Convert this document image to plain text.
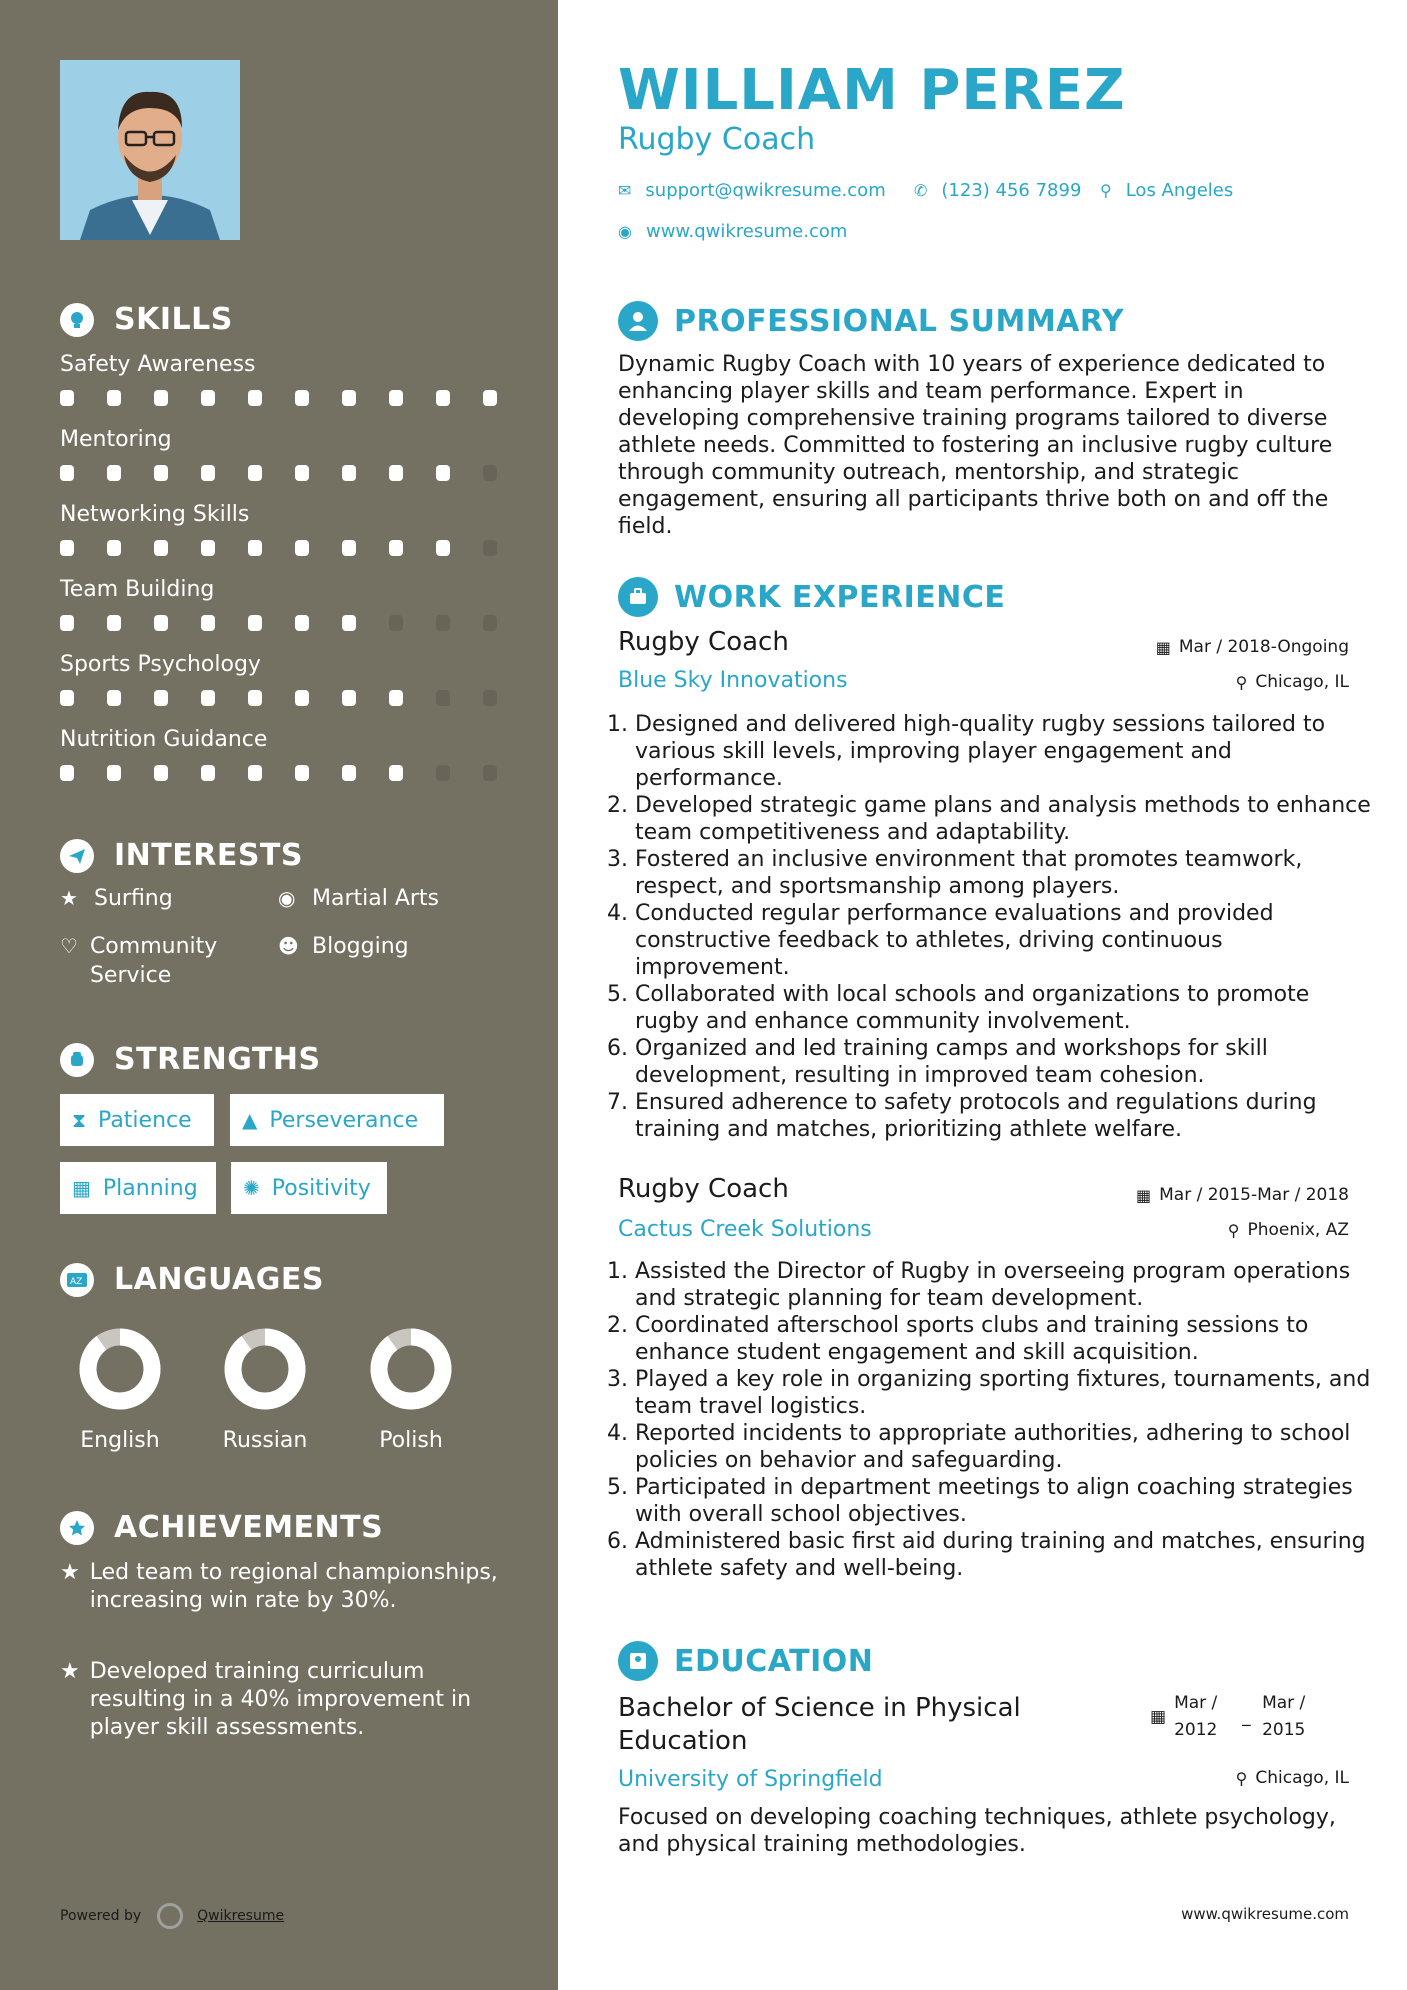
SKILLS
Safety Awareness
Mentoring
Networking Skills
Team Building
Sports Psychology
Nutrition Guidance
INTERESTS
★ Surfing	◉ Martial Arts
♡ Community Service
☻ Blogging
STRENGTHS
⧗ Patience	▲ Perseverance
▦ Planning ✺ Positivity
AZ LANGUAGES
English	Russian	Polish
ACHIEVEMENTS
★ Led team to regional championships, increasing win rate by 30%.
★ Developed training curriculum resulting in a 40% improvement in player skill assessments.
Powered by	Qwikresume
WILLIAM PEREZ
Rugby Coach
✉ support@qwikresume.com ✆ (123) 456 7899 ⚲ Los Angeles
◉ www.qwikresume.com
PROFESSIONAL SUMMARY
Dynamic Rugby Coach with 10 years of experience dedicated to enhancing player skills and team performance. Expert in developing comprehensive training programs tailored to diverse athlete needs. Committed to fostering an inclusive rugby culture through community outreach, mentorship, and strategic engagement, ensuring all participants thrive both on and off the field.
WORK EXPERIENCE
Rugby Coach
Blue Sky Innovations
▦ Mar / 2018-Ongoing
⚲ Chicago, IL
1. Designed and delivered high-quality rugby sessions tailored to various skill levels, improving player engagement and performance.
2. Developed strategic game plans and analysis methods to enhance team competitiveness and adaptability.
3. Fostered an inclusive environment that promotes teamwork, respect, and sportsmanship among players.
4. Conducted regular performance evaluations and provided constructive feedback to athletes, driving continuous improvement.
5. Collaborated with local schools and organizations to promote rugby and enhance community involvement.
6. Organized and led training camps and workshops for skill development, resulting in improved team cohesion.
7. Ensured adherence to safety protocols and regulations during training and matches, prioritizing athlete welfare.
Rugby Coach
Cactus Creek Solutions
▦ Mar / 2015-Mar / 2018
⚲ Phoenix, AZ
1. Assisted the Director of Rugby in overseeing program operations and strategic planning for team development.
2. Coordinated afterschool sports clubs and training sessions to enhance student engagement and skill acquisition.
3. Played a key role in organizing sporting fixtures, tournaments, and team travel logistics.
4. Reported incidents to appropriate authorities, adhering to school policies on behavior and safeguarding.
5. Participated in department meetings to align coaching strategies with overall school objectives.
6. Administered basic first aid during training and matches, ensuring athlete safety and well-being.
EDUCATION
Bachelor of Science in Physical Education
University of Springfield
▦
Mar / 2012
_
Mar / 2015
⚲ Chicago, IL
Focused on developing coaching techniques, athlete psychology, and physical training methodologies.
www.qwikresume.com
